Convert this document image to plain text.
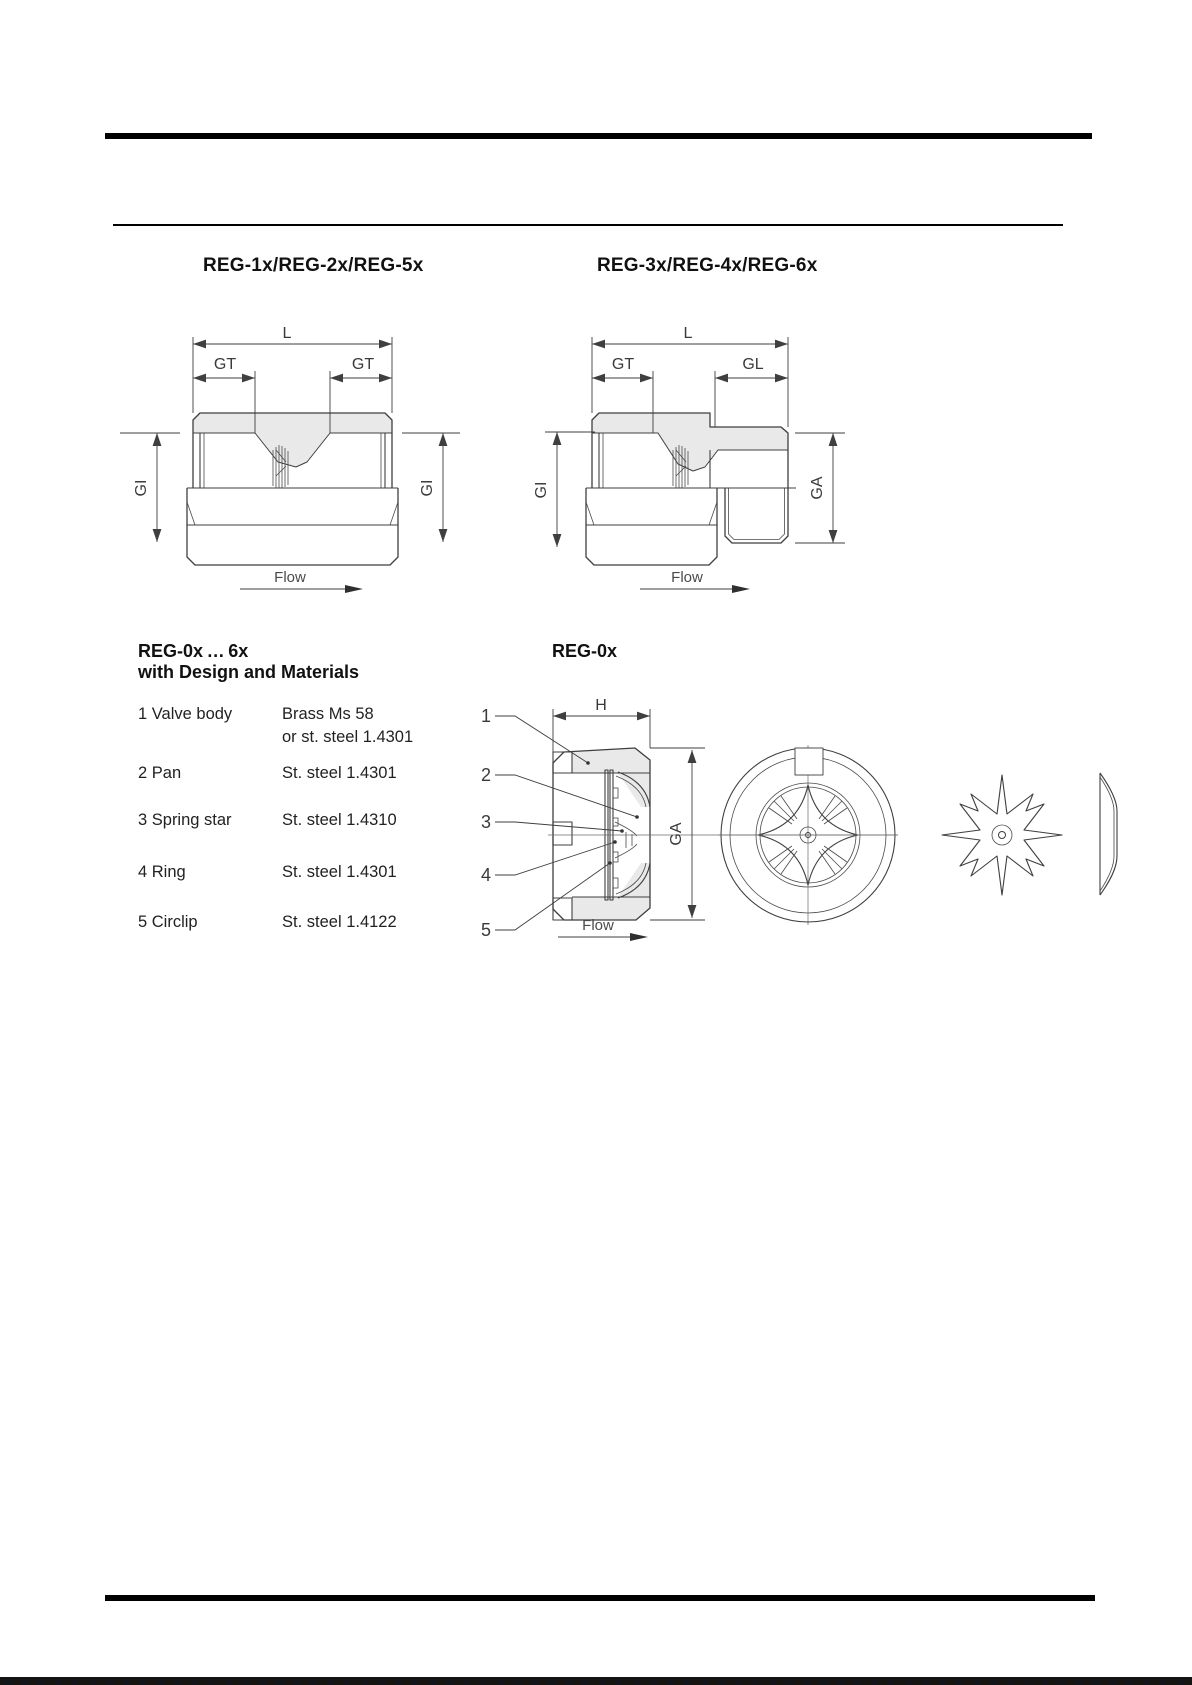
REG-1x/REG-2x/REG-5x	REG-3x/REG-4x/REG-6x
REG-0x … 6x
with Design and Materials
REG-0x
1 Valve body	Brass Ms 58
or st. steel 1.4301
2 Pan	St. steel 1.4301
3 Spring star	St. steel 1.4310
4 Ring	St. steel 1.4301
5 Circlip	St. steel 1.4122
L
GT	GT
GI	GI
Flow
L
GT	GL
GI	GA
Flow
H
GA
1
2
3
4
5	Flow
